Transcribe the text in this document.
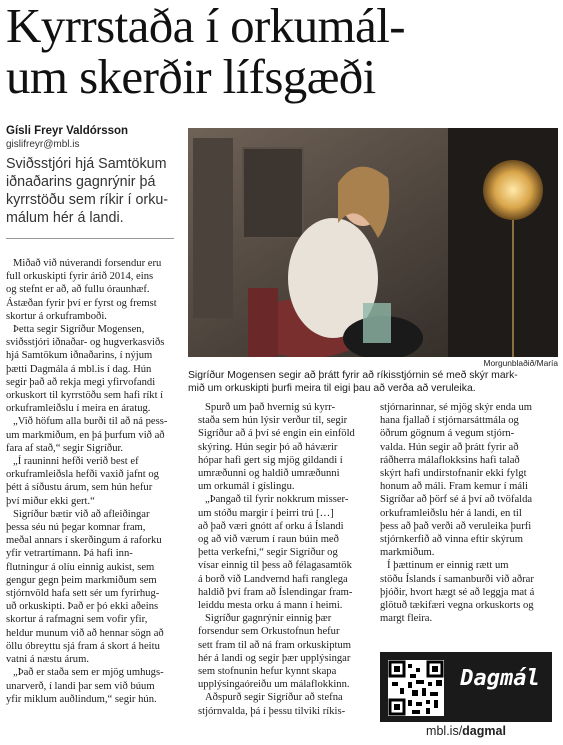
Kyrrstaða í orkumál-
um skerðir lífsgæði
Gísli Freyr Valdórsson
gislifreyr@mbl.is
Sviðsstjóri hjá Samtökum
iðnaðarins gagnrýnir þá
kyrrstöðu sem ríkir í orku-
málum hér á landi.

Miðað við núverandi forsendur eru
full orkuskipti fyrir árið 2014, eins
og stefnt er að, að fullu óraunhæf.
Ástæðan fyrir því er fyrst og fremst
skortur á orkuframboði.

Þetta segir Sigríður Mogensen,
sviðsstjóri iðnaðar- og hugverkasviðs
hjá Samtökum iðnaðarins, í nýjum
þætti Dagmála á mbl.is í dag. Hún
segir það að rekja megi yfirvofandi
orkuskort til kyrrstöðu sem hafi ríkt í
orkuframleiðslu í meira en áratug.

„Við höfum alla burði til að ná pess-
um markmiðum, en þá þurfum við að
fara af stað,“ segir Sigríður.

„Í rauninni hefði verið best ef
orkuframleiðsla hefði vaxið jafnt og
þétt á síðustu árum, sem hún hefur
því miður ekki gert.“

Sigríður bætir við að afleiðingar
þessa séu nú þegar komnar fram,
meðal annars í skerðingum á raforku
yfir vetrartímann. Þá hafi inn-
flutningur á olíu einnig aukist, sem
gengur gegn þeim markmiðum sem
stjórnvöld hafa sett sér um fyrirhug-
uð orkuskipti. Það er þó ekki aðeins
skortur á rafmagni sem vofir yfir,
heldur munum við að hennar sögn að
öllu óbreyttu sjá fram á skort á heitu
vatni á næstu árum.

„Það er staða sem er mjög umhugs-
unarverð, í landi þar sem við búum
yfir miklum auðlindum,“ segir hún.

Spurð um það hvernig sú kyrr-
staða sem hún lýsir verður til, segir
Sigríður að á því sé engin ein einföld
skýring. Hún segir þó að háværir
hópar hafi gert sig mjög gildandi í
umræðunni og haldið umræðunni
um orkumál í gíslingu.

„Þangað til fyrir nokkrum misser-
um stóðu margir í þeirri trú […]
að það væri gnótt af orku á Íslandi
og að við værum í raun búin með
þetta verkefni,“ segir Sigríður og
vísar einnig til þess að félagasamtök
á borð við Landvernd hafi ranglega
haldið því fram að Íslendingar fram-
leiddu mesta orku á mann í heimi.

Sigríður gagnrýnir einnig þær
forsendur sem Orkustofnun hefur
sett fram til að ná fram orkuskiptum
hér á landi og segir þær upplýsingar
sem stofnunin hefur kynnt skapa
upplýsingaóreiðu um málaflokkinn.

Aðspurð segir Sigríður að stefna
stjórnvalda, þá í þessu tilviki ríkis-

stjórnarinnar, sé mjög skýr enda um
hana fjallað í stjórnarsáttmála og
öðrum gögnum á vegum stjórn-
valda. Hún segir að þrátt fyrir að
ráðherra málaflokksins hafi talað
skýrt hafi undirstofnanir ekki fylgt
honum að máli. Fram kemur í máli
Sigríðar að þörf sé á því að tvöfalda
orkuframleiðslu hér á landi, en til
þess að það verði að veruleika þurfi
stjórnkerfið að vinna eftir skýrum
markmiðum.

Í þættinum er einnig rætt um
stöðu Íslands í samanburði við aðrar
þjóðir, hvort hægt sé að leggja mat á
glötuð tækifæri vegna orkuskorts og
margt fleira.

Morgunblaðið/María
Sigríður Mogensen segir að þrátt fyrir að ríkisstjórnin sé með skýr mark-
mið um orkuskipti þurfi meira til eigi þau að verða að veruleika.
Dagmál
mbl.is/dagmal
